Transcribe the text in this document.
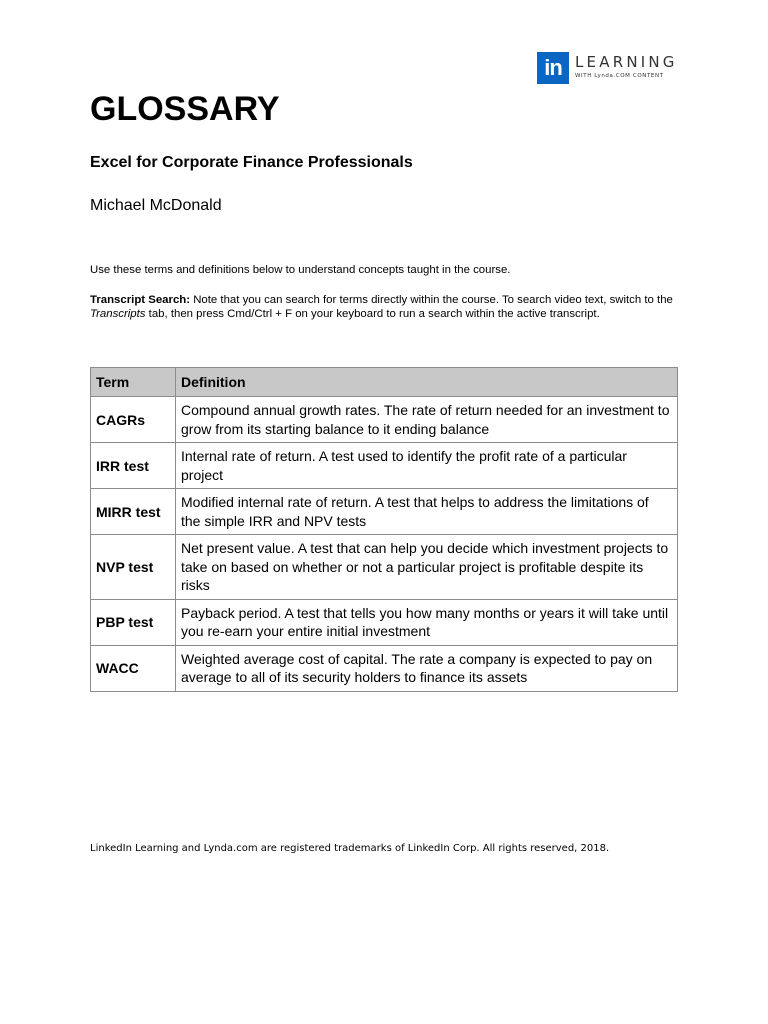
in LEARNING
WITH Lynda.COM CONTENT
GLOSSARY
Excel for Corporate Finance Professionals
Michael McDonald
Use these terms and definitions below to understand concepts taught in the course.
Transcript Search: Note that you can search for terms directly within the course. To search video text, switch to the Transcripts tab, then press Cmd/Ctrl + F on your keyboard to run a search within the active transcript.
Term	Definition
CAGRs	Compound annual growth rates. The rate of return needed for an investment to grow from its starting balance to it ending balance
IRR test	Internal rate of return. A test used to identify the profit rate of a particular project
MIRR test	Modified internal rate of return. A test that helps to address the limitations of the simple IRR and NPV tests
NVP test	Net present value. A test that can help you decide which investment projects to take on based on whether or not a particular project is profitable despite its risks
PBP test	Payback period. A test that tells you how many months or years it will take until you re-earn your entire initial investment
WACC	Weighted average cost of capital. The rate a company is expected to pay on average to all of its security holders to finance its assets
LinkedIn Learning and Lynda.com are registered trademarks of LinkedIn Corp. All rights reserved, 2018.
